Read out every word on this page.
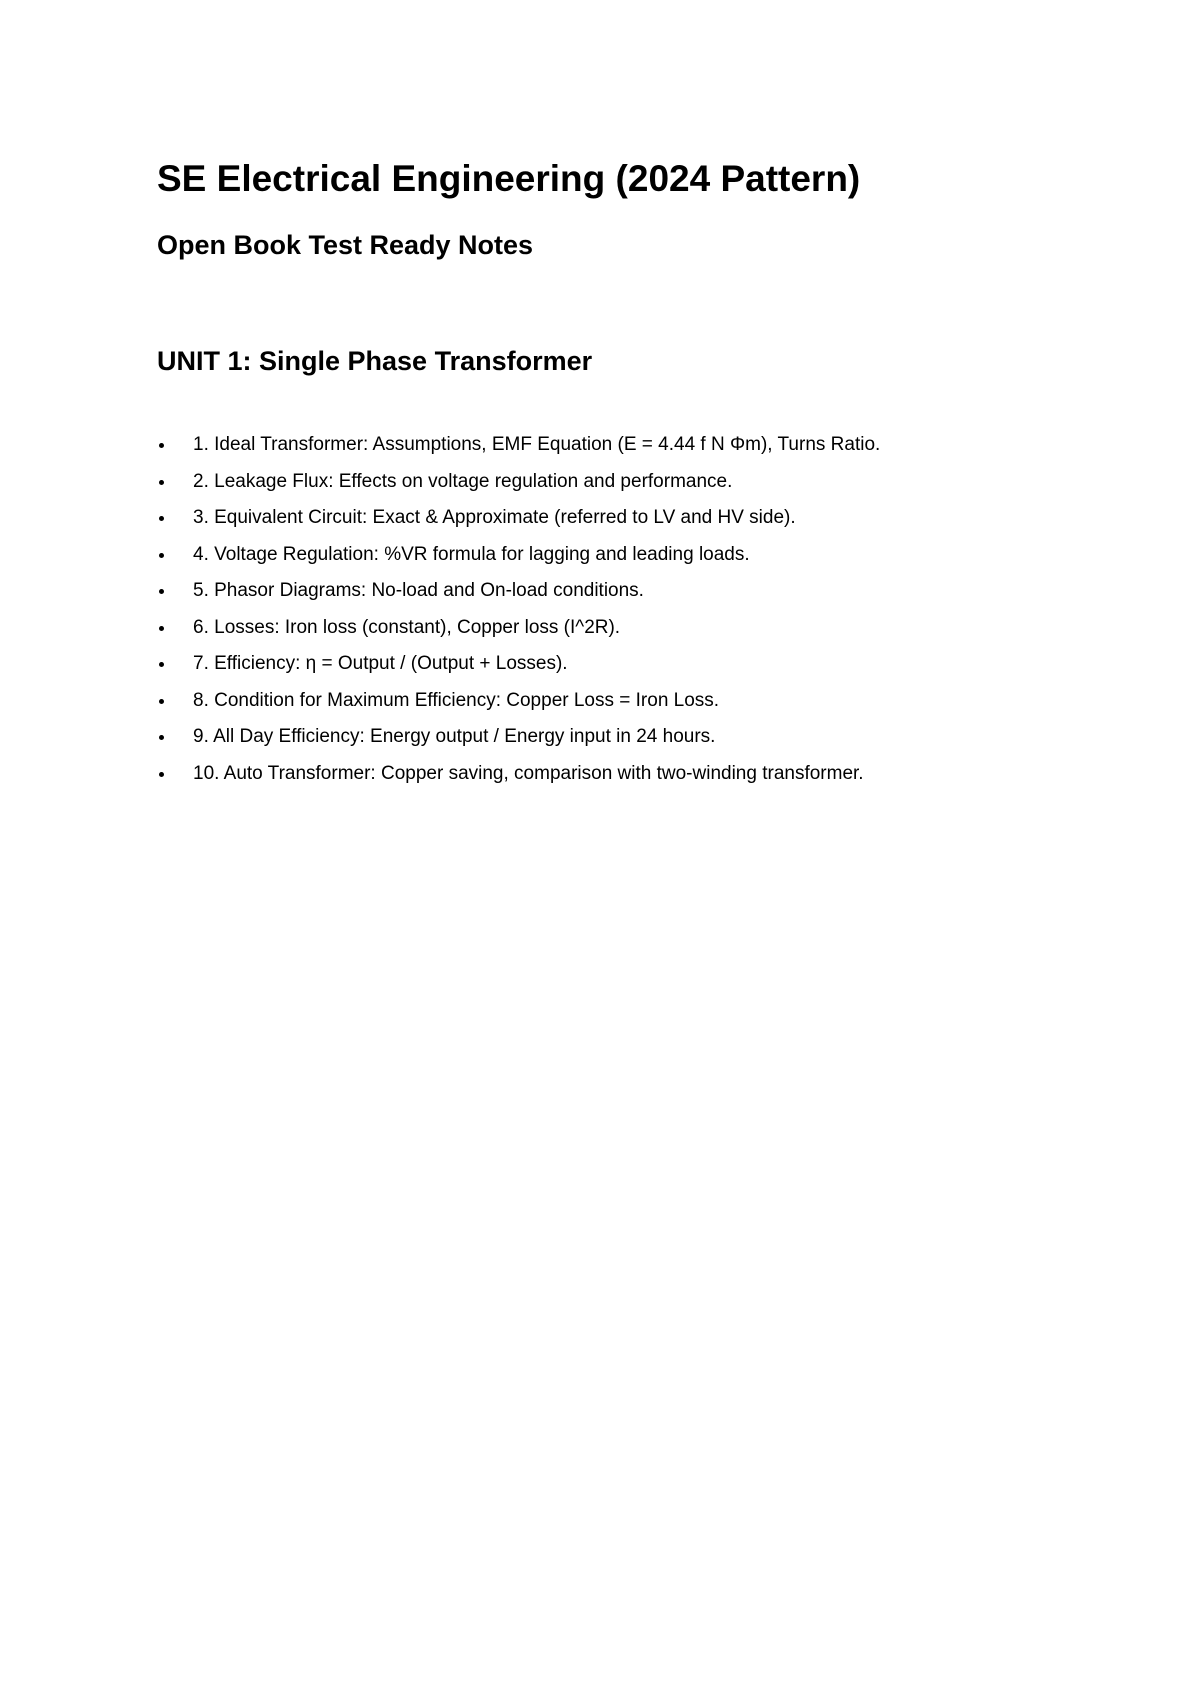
SE Electrical Engineering (2024 Pattern)
Open Book Test Ready Notes
UNIT 1: Single Phase Transformer
1. Ideal Transformer: Assumptions, EMF Equation (E = 4.44 f N Φm), Turns Ratio.
2. Leakage Flux: Effects on voltage regulation and performance.
3. Equivalent Circuit: Exact & Approximate (referred to LV and HV side).
4. Voltage Regulation: %VR formula for lagging and leading loads.
5. Phasor Diagrams: No-load and On-load conditions.
6. Losses: Iron loss (constant), Copper loss (I^2R).
7. Efficiency: η = Output / (Output + Losses).
8. Condition for Maximum Efficiency: Copper Loss = Iron Loss.
9. All Day Efficiency: Energy output / Energy input in 24 hours.
10. Auto Transformer: Copper saving, comparison with two-winding transformer.
